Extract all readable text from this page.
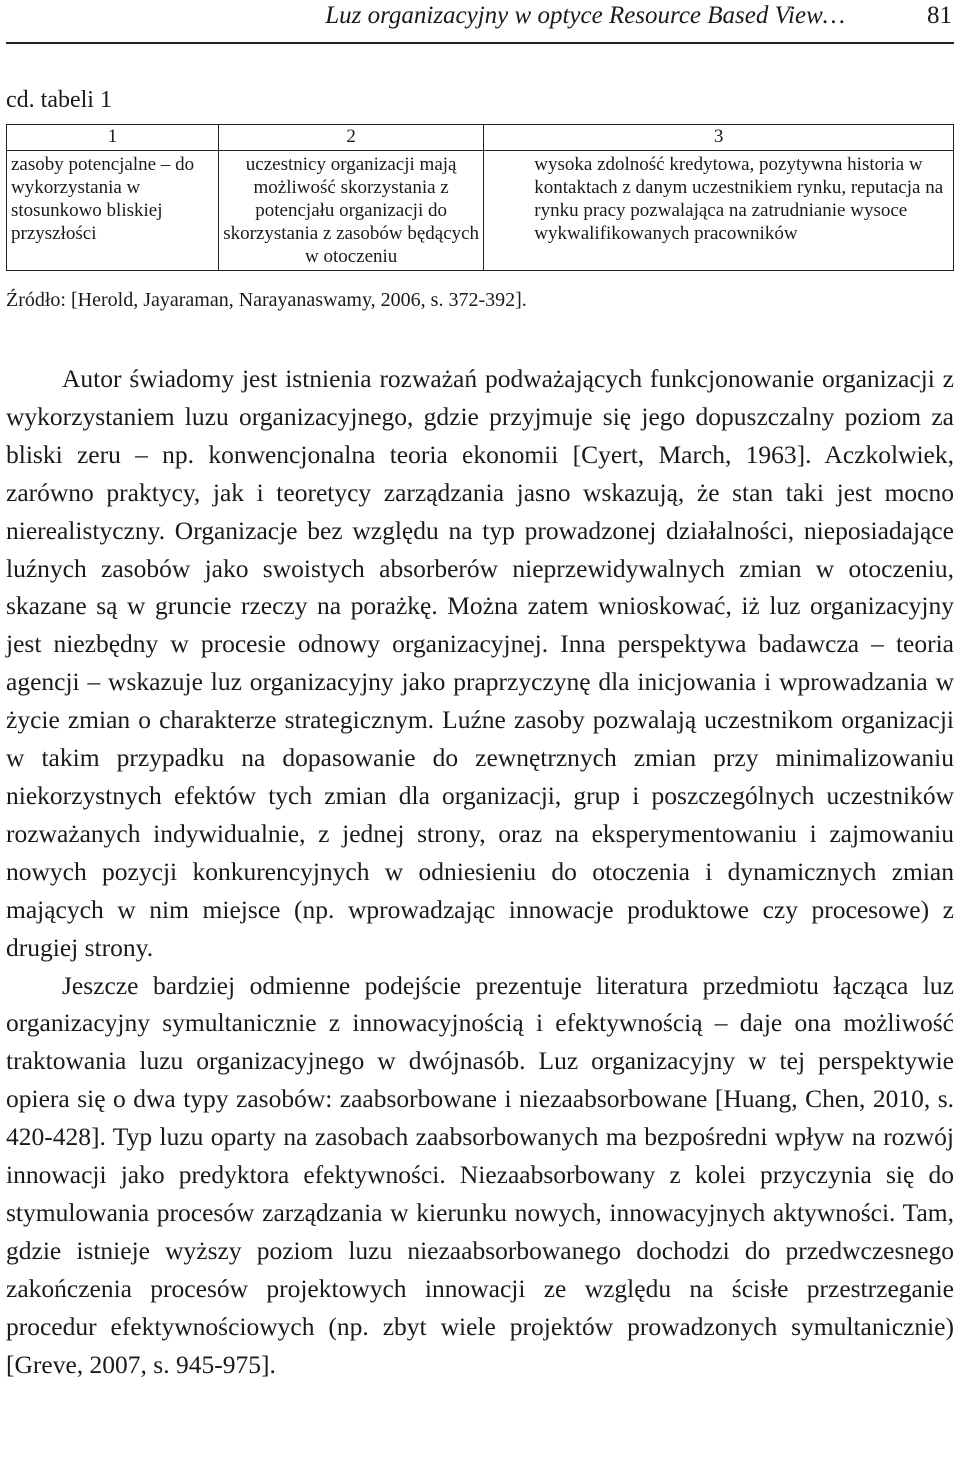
Luz organizacyjny w optyce Resource Based View…	81
cd. tabeli 1
1	2	3
zasoby potencjalne – do wykorzystania w stosunkowo bliskiej przyszłości	uczestnicy organizacji mają możliwość skorzystania z potencjału organizacji do skorzystania z zasobów będących w otoczeniu	wysoka zdolność kredytowa, pozytywna historia w kontaktach z danym uczestnikiem rynku, reputacja na rynku pracy pozwalająca na zatrudnianie wysoce wykwalifikowanych pracowników
Źródło: [Herold, Jayaraman, Narayanaswamy, 2006, s. 372-392].

Autor świadomy jest istnienia rozważań podważających funkcjonowanie organizacji z wykorzystaniem luzu organizacyjnego, gdzie przyjmuje się jego dopuszczalny poziom za bliski zeru – np. konwencjonalna teoria ekonomii [Cyert, March, 1963]. Aczkolwiek, zarówno praktycy, jak i teoretycy zarządzania jasno wskazują, że stan taki jest mocno nierealistyczny. Organizacje bez względu na typ prowadzonej działalności, nieposiadające luźnych zasobów jako swoistych absorberów nieprzewidywalnych zmian w otoczeniu, skazane są w gruncie rzeczy na porażkę. Można zatem wnioskować, iż luz organizacyjny jest niezbędny w procesie odnowy organizacyjnej. Inna perspektywa badawcza – teoria agencji – wskazuje luz organizacyjny jako praprzyczynę dla inicjowania i wprowadzania w życie zmian o charakterze strategicznym. Luźne zasoby pozwalają uczestnikom organizacji w takim przypadku na dopasowanie do zewnętrznych zmian przy minimalizowaniu niekorzystnych efektów tych zmian dla organizacji, grup i poszczególnych uczestników rozważanych indywidualnie, z jednej strony, oraz na eksperymentowaniu i zajmowaniu nowych pozycji konkurencyjnych w odniesieniu do otoczenia i dynamicznych zmian mających w nim miejsce (np. wprowadzając innowacje produktowe czy procesowe) z drugiej strony.

Jeszcze bardziej odmienne podejście prezentuje literatura przedmiotu łącząca luz organizacyjny symultanicznie z innowacyjnością i efektywnością – daje ona możliwość traktowania luzu organizacyjnego w dwójnasób. Luz organizacyjny w tej perspektywie opiera się o dwa typy zasobów: zaabsorbowane i niezaabsorbowane [Huang, Chen, 2010, s. 420-428]. Typ luzu oparty na zasobach zaabsorbowanych ma bezpośredni wpływ na rozwój innowacji jako predyktora efektywności. Niezaabsorbowany z kolei przyczynia się do stymulowania procesów zarządzania w kierunku nowych, innowacyjnych aktywności. Tam, gdzie istnieje wyższy poziom luzu niezaabsorbowanego dochodzi do przedwczesnego zakończenia procesów projektowych innowacji ze względu na ścisłe przestrzeganie procedur efektywnościowych (np. zbyt wiele projektów prowadzonych symultanicznie) [Greve, 2007, s. 945-975].
